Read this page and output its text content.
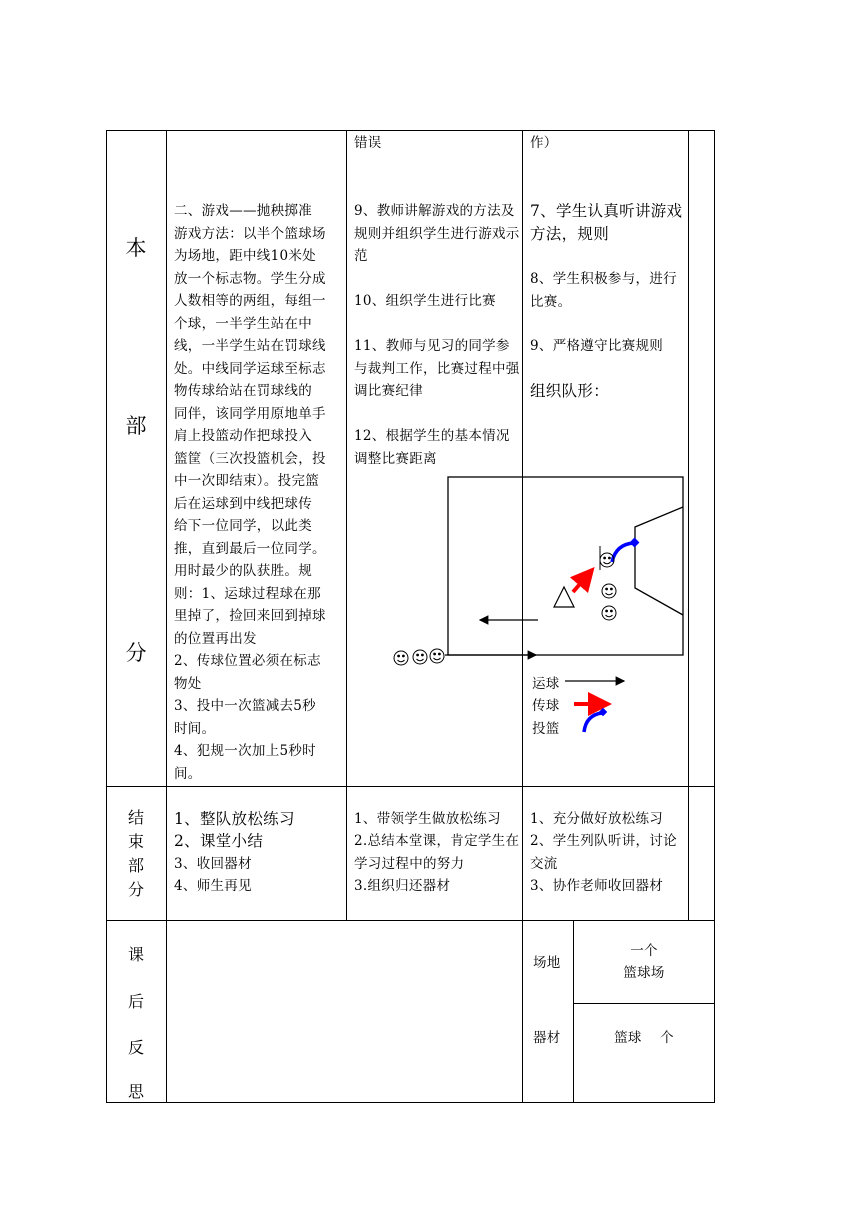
本
部
分

二、游戏——抛秧掷准

游戏方法：以半个篮球场

为场地，距中线10米处

放一个标志物。学生分成

人数相等的两组，每组一

个球，一半学生站在中

线，一半学生站在罚球线

处。中线同学运球至标志

物传球给站在罚球线的

同伴，该同学用原地单手

肩上投篮动作把球投入

篮筐（三次投篮机会，投

中一次即结束）。投完篮

后在运球到中线把球传

给下一位同学，以此类

推，直到最后一位同学。

用时最少的队获胜。规

则：1、运球过程球在那

里掉了，捡回来回到掉球

的位置再出发

2、传球位置必须在标志

物处

3、投中一次篮减去5秒

时间。

4、犯规一次加上5秒时

间。

错误
9、教师讲解游戏的方法及规则并组织学生进行游戏示范
10、组织学生进行比赛
11、教师与见习的同学参与裁判工作，比赛过程中强调比赛纪律
12、根据学生的基本情况调整比赛距离
作）
7、学生认真听讲游戏方法，规则
8、学生积极参与，进行比赛。
9、严格遵守比赛规则
组织队形：
运球
传球
投篮
结
束
部
分
1、整队放松练习
2、课堂小结
3、收回器材
4、师生再见
1、带领学生做放松练习
2.总结本堂课，肯定学生在学习过程中的努力
3.组织归还器材
1、充分做好放松练习
2、学生列队听讲，讨论交流
3、协作老师收回器材
课
后
反
思
场地
一个
篮球场
器材	篮球    个
